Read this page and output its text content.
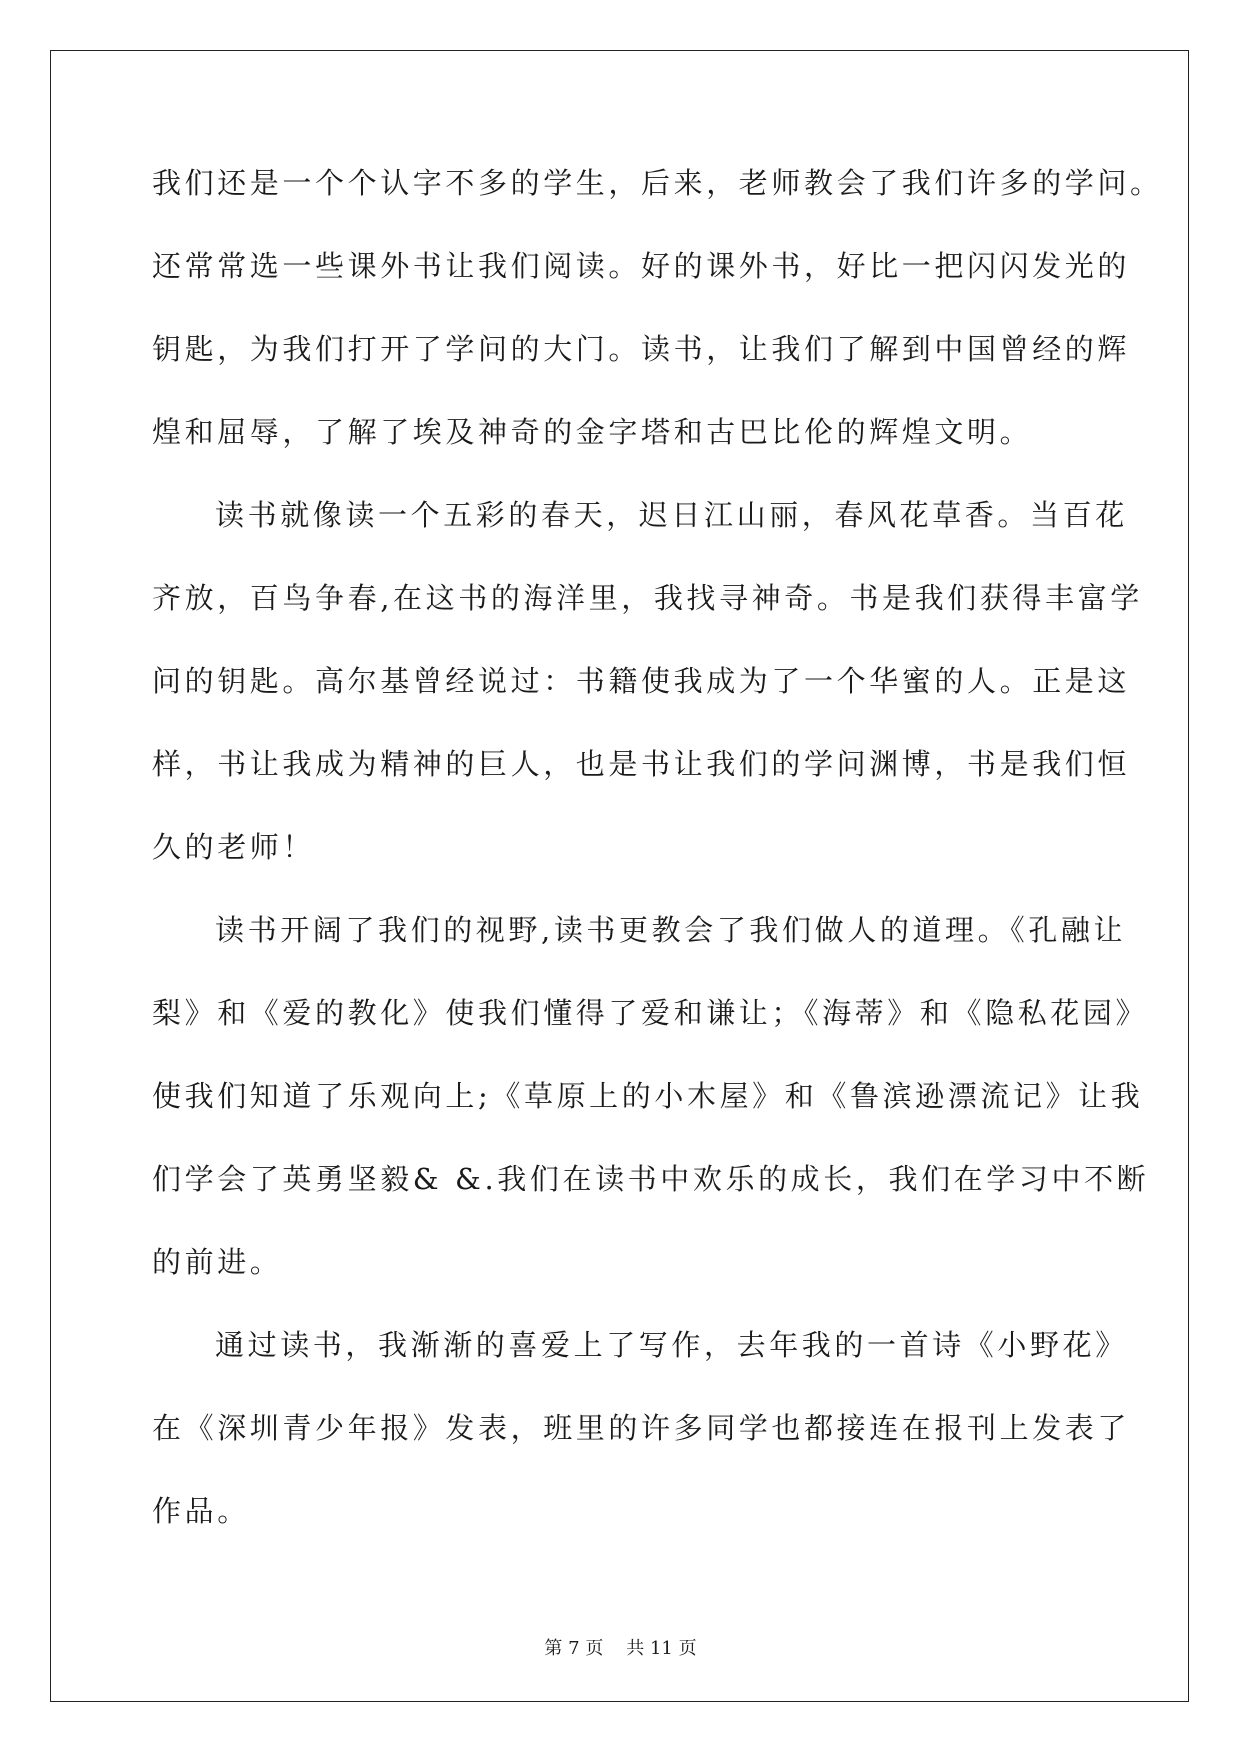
我们还是一个个认字不多的学生，后来，老师教会了我们许多的学问。
还常常选一些课外书让我们阅读。好的课外书，好比一把闪闪发光的
钥匙，为我们打开了学问的大门。读书，让我们了解到中国曾经的辉
煌和屈辱，了解了埃及神奇的金字塔和古巴比伦的辉煌文明。
读书就像读一个五彩的春天，迟日江山丽，春风花草香。当百花
齐放，百鸟争春,在这书的海洋里，我找寻神奇。书是我们获得丰富学
问的钥匙。高尔基曾经说过：书籍使我成为了一个华蜜的人。正是这
样，书让我成为精神的巨人，也是书让我们的学问渊博，书是我们恒
久的老师！
读书开阔了我们的视野,读书更教会了我们做人的道理。《孔融让
梨》和《爱的教化》使我们懂得了爱和谦让；《海蒂》和《隐私花园》
使我们知道了乐观向上;《草原上的小木屋》和《鲁滨逊漂流记》让我
们学会了英勇坚毅& &.我们在读书中欢乐的成长，我们在学习中不断
的前进。
通过读书，我渐渐的喜爱上了写作，去年我的一首诗《小野花》
在《深圳青少年报》发表，班里的许多同学也都接连在报刊上发表了
作品。
第 7 页 共 11 页
